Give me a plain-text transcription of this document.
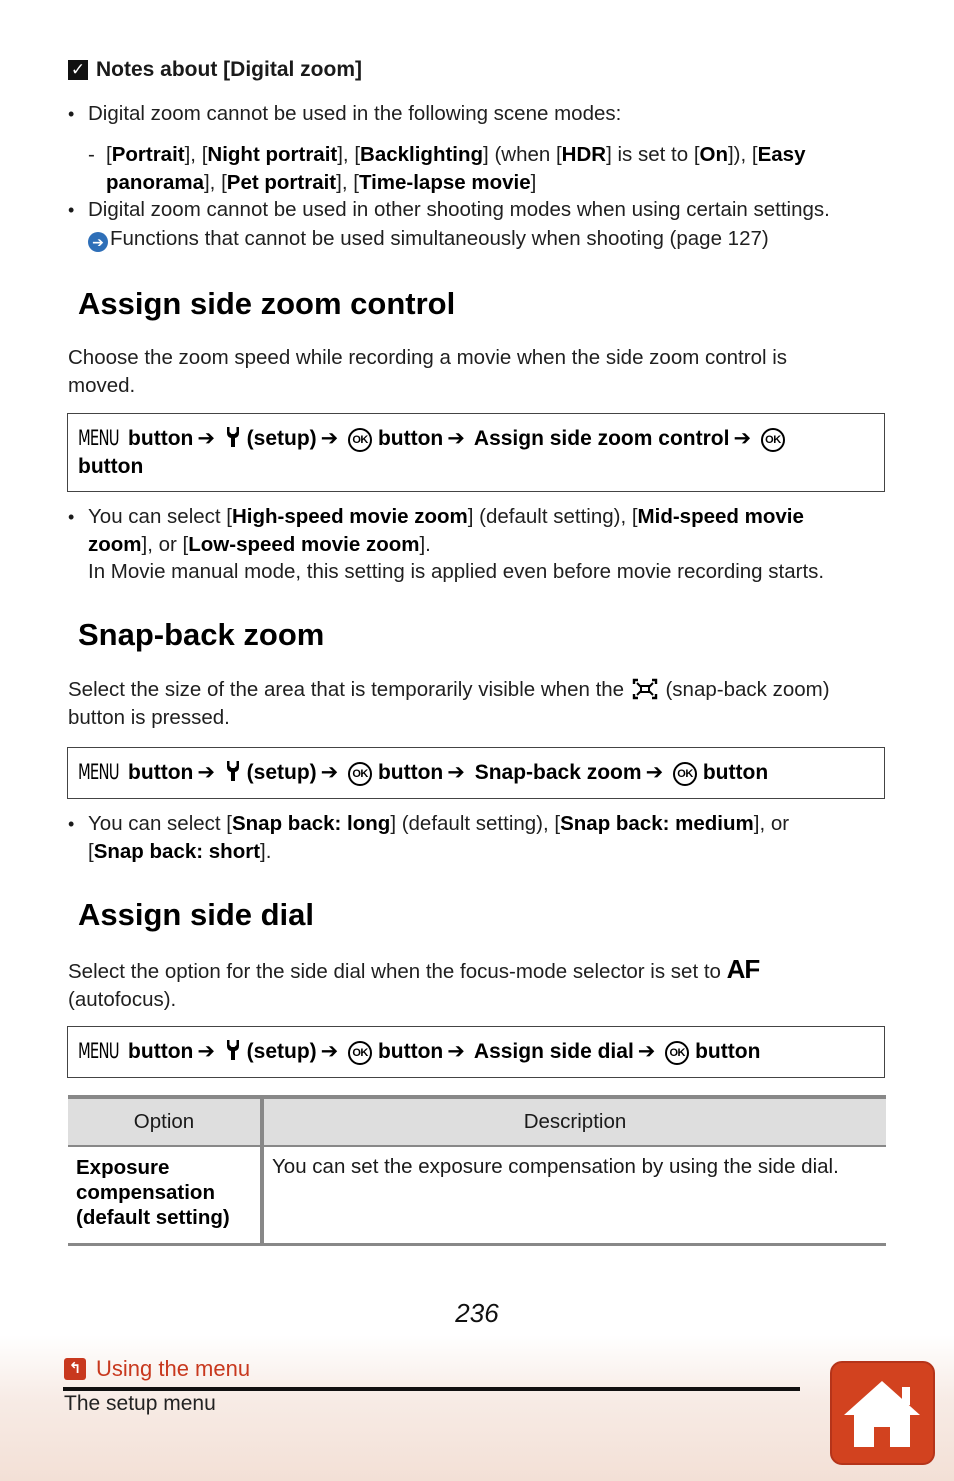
✓ Notes about [Digital zoom]
• Digital zoom cannot be used in the following scene modes:
- [Portrait], [Night portrait], [Backlighting] (when [HDR] is set to [On]), [Easy
panorama], [Pet portrait], [Time-lapse movie]
• Digital zoom cannot be used in other shooting modes when using certain settings.
➔ Functions that cannot be used simultaneously when shooting (page 127)
Assign side zoom control
Choose the zoom speed while recording a movie when the side zoom control is
moved.
MENU button ➔ (setup) ➔ OK button ➔ Assign side zoom control ➔ OK
button
• You can select [High-speed movie zoom] (default setting), [Mid-speed movie
zoom], or [Low-speed movie zoom].
In Movie manual mode, this setting is applied even before movie recording starts.
Snap-back zoom
Select the size of the area that is temporarily visible when the (snap-back zoom)
button is pressed.
MENU button ➔ (setup) ➔ OK button ➔ Snap-back zoom ➔ OK button
• You can select [Snap back: long] (default setting), [Snap back: medium], or
[Snap back: short].
Assign side dial
Select the option for the side dial when the focus-mode selector is set to AF
(autofocus).
MENU button ➔ (setup) ➔ OK button ➔ Assign side dial ➔ OK button
Option	Description
Exposure
compensation
(default setting)	You can set the exposure compensation by using the side dial.
236
↰ Using the menu
The setup menu
